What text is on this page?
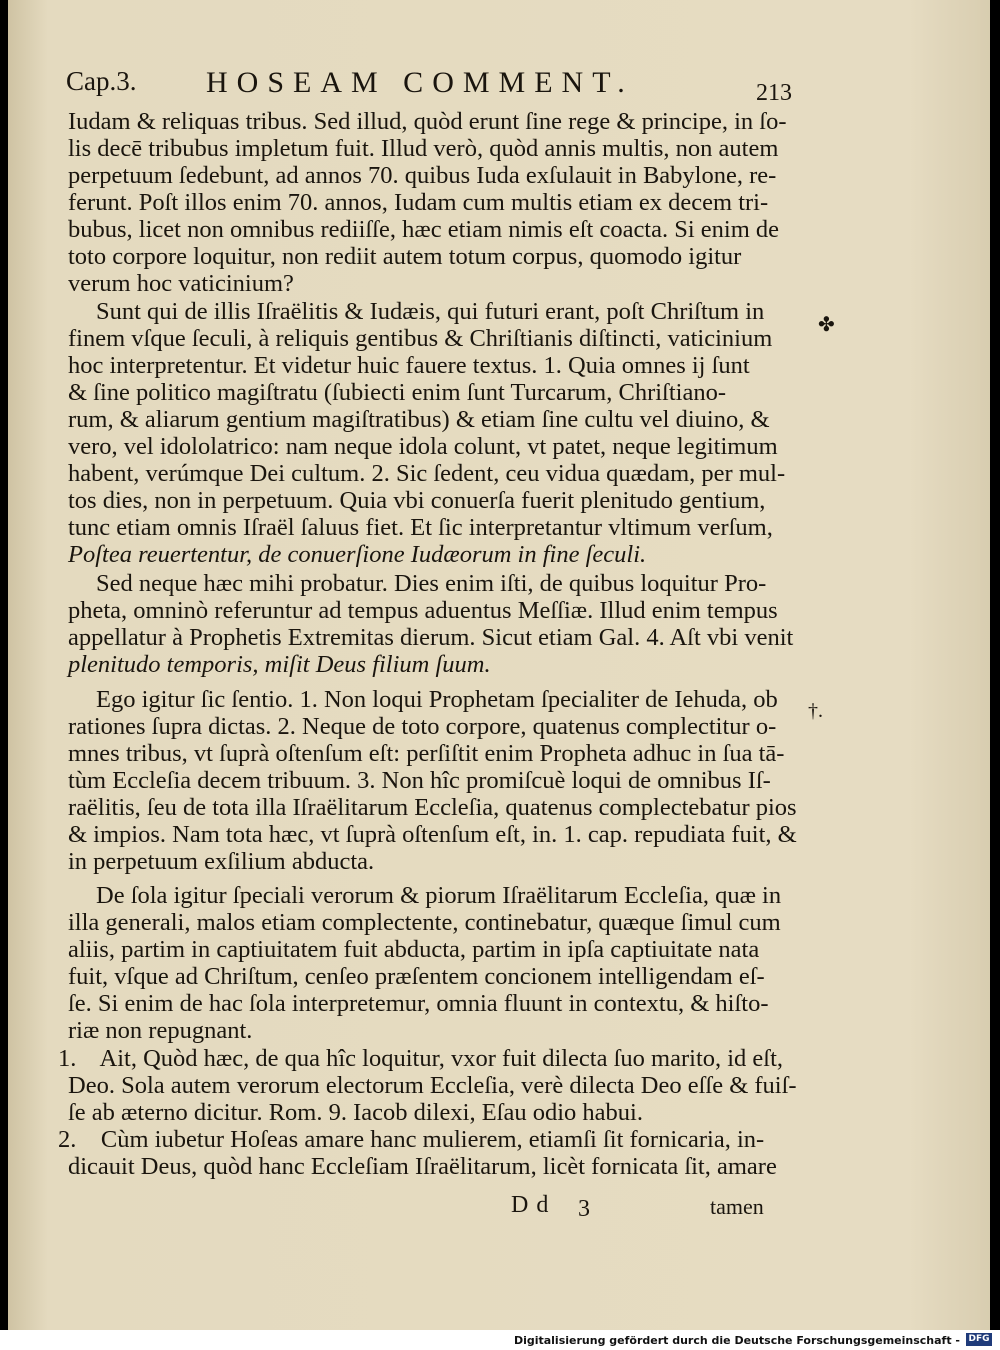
Cap.3. HOSEAM COMMENT.	213
Iudam & reliquas tribus. Sed illud, quòd erunt ſine rege & principe, in ſo-
lis decē tribubus impletum fuit. Illud verò, quòd annis multis, non autem
perpetuum ſedebunt, ad annos 70. quibus Iuda exſulauit in Babylone, re-
ferunt. Poſt illos enim 70. annos, Iudam cum multis etiam ex decem tri-
bubus, licet non omnibus rediiſſe, hæc etiam nimis eſt coacta. Si enim de
toto corpore loquitur, non rediit autem totum corpus, quomodo igitur
verum hoc vaticinium?
Sunt qui de illis Iſraëlitis & Iudæis, qui futuri erant, poſt Chriſtum in
finem vſque ſeculi, à reliquis gentibus & Chriſtianis diſtincti, vaticinium
hoc interpretentur. Et videtur huic fauere textus. 1. Quia omnes ij ſunt
& ſine politico magiſtratu (ſubiecti enim ſunt Turcarum, Chriſtiano-
rum, & aliarum gentium magiſtratibus) & etiam ſine cultu vel diuino, &
vero, vel idololatrico: nam neque idola colunt, vt patet, neque legitimum
habent, verúmque Dei cultum. 2. Sic ſedent, ceu vidua quædam, per mul-
tos dies, non in perpetuum. Quia vbi conuerſa fuerit plenitudo gentium,
tunc etiam omnis Iſraël ſaluus fiet. Et ſic interpretantur vltimum verſum,
Poſtea reuertentur, de conuerſione Iudæorum in fine ſeculi.
Sed neque hæc mihi probatur. Dies enim iſti, de quibus loquitur Pro-
pheta, omninò referuntur ad tempus aduentus Meſſiæ. Illud enim tempus
appellatur à Prophetis Extremitas dierum. Sicut etiam Gal. 4. Aſt vbi venit
plenitudo temporis, miſit Deus filium ſuum.
Ego igitur ſic ſentio. 1. Non loqui Prophetam ſpecialiter de Iehuda, ob
rationes ſupra dictas. 2. Neque de toto corpore, quatenus complectitur o-
mnes tribus, vt ſuprà oſtenſum eſt: perſiſtit enim Propheta adhuc in ſua tā-
tùm Eccleſia decem tribuum. 3. Non hîc promiſcuè loqui de omnibus Iſ-
raëlitis, ſeu de tota illa Iſraëlitarum Eccleſia, quatenus complectebatur pios
& impios. Nam tota hæc, vt ſuprà oſtenſum eſt, in. 1. cap. repudiata fuit, &
in perpetuum exſilium abducta.
De ſola igitur ſpeciali verorum & piorum Iſraëlitarum Eccleſia, quæ in
illa generali, malos etiam complectente, continebatur, quæque ſimul cum
aliis, partim in captiuitatem fuit abducta, partim in ipſa captiuitate nata
fuit, vſque ad Chriſtum, cenſeo præſentem concionem intelligendam eſ-
ſe. Si enim de hac ſola interpretemur, omnia fluunt in contextu, & hiſto-
riæ non repugnant.
1.    Ait, Quòd hæc, de qua hîc loquitur, vxor fuit dilecta ſuo marito, id eſt,
Deo. Sola autem verorum electorum Eccleſia, verè dilecta Deo eſſe & fuiſ-
ſe ab æterno dicitur. Rom. 9. Iacob dilexi, Eſau odio habui.
2.    Cùm iubetur Hoſeas amare hanc mulierem, etiamſi ſit fornicaria, in-
dicauit Deus, quòd hanc Eccleſiam Iſraëlitarum, licèt fornicata ſit, amare
✤
†.
Dd 3	tamen
Digitalisierung gefördert durch die Deutsche Forschungsgemeinschaft - DFG
